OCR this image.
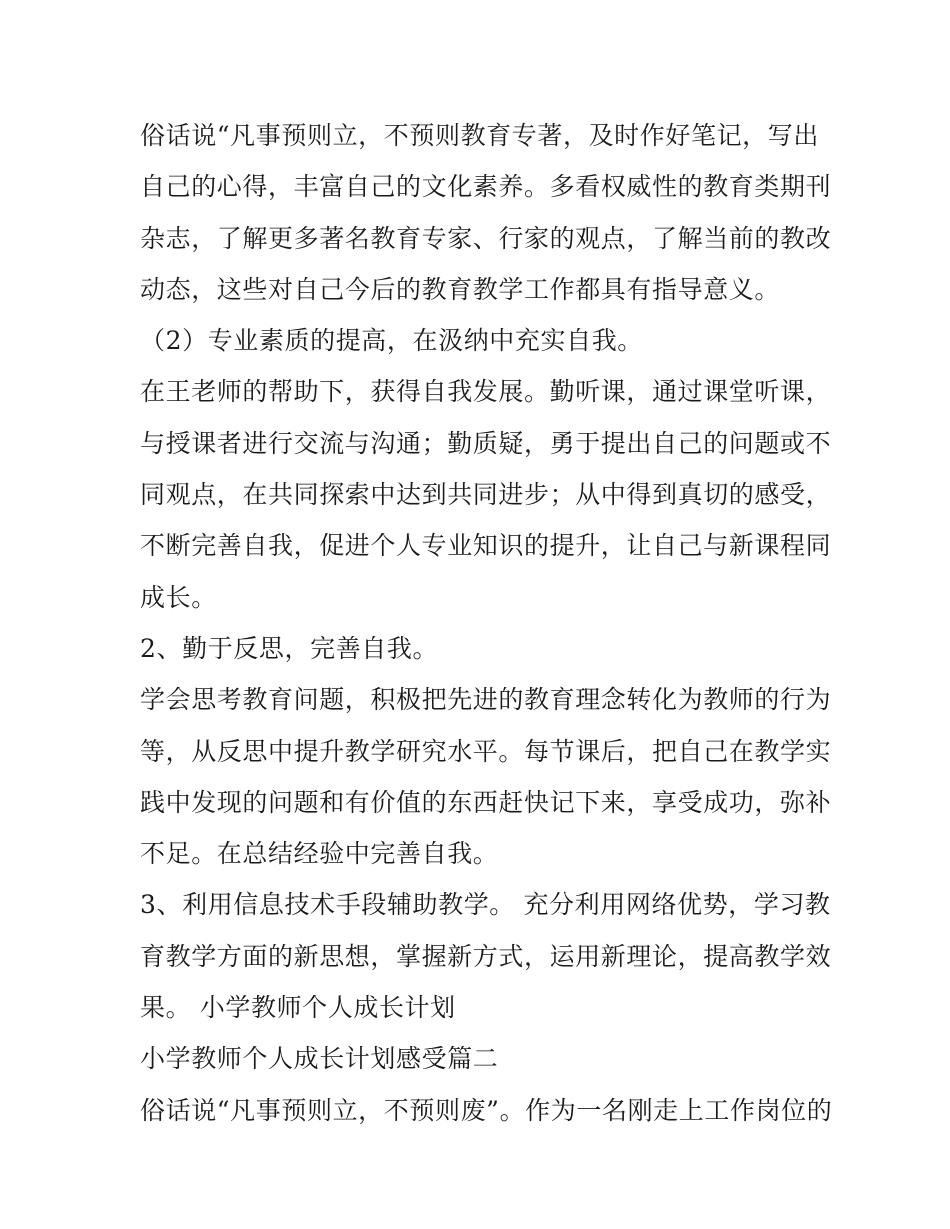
俗话说“凡事预则立，不预则教育专著，及时作好笔记，写出
自己的心得，丰富自己的文化素养。多看权威性的教育类期刊
杂志，了解更多著名教育专家、行家的观点，了解当前的教改
动态，这些对自己今后的教育教学工作都具有指导意义。
（2）专业素质的提高，在汲纳中充实自我。
在王老师的帮助下，获得自我发展。勤听课，通过课堂听课，
与授课者进行交流与沟通；勤质疑，勇于提出自己的问题或不
同观点，在共同探索中达到共同进步；从中得到真切的感受，
不断完善自我，促进个人专业知识的提升，让自己与新课程同
成长。
2、勤于反思，完善自我。
学会思考教育问题，积极把先进的教育理念转化为教师的行为
等，从反思中提升教学研究水平。每节课后，把自己在教学实
践中发现的问题和有价值的东西赶快记下来，享受成功，弥补
不足。在总结经验中完善自我。
3、利用信息技术手段辅助教学。 充分利用网络优势，学习教
育教学方面的新思想，掌握新方式，运用新理论，提高教学效
果。 小学教师个人成长计划
小学教师个人成长计划感受篇二
俗话说“凡事预则立，不预则废”。作为一名刚走上工作岗位的
